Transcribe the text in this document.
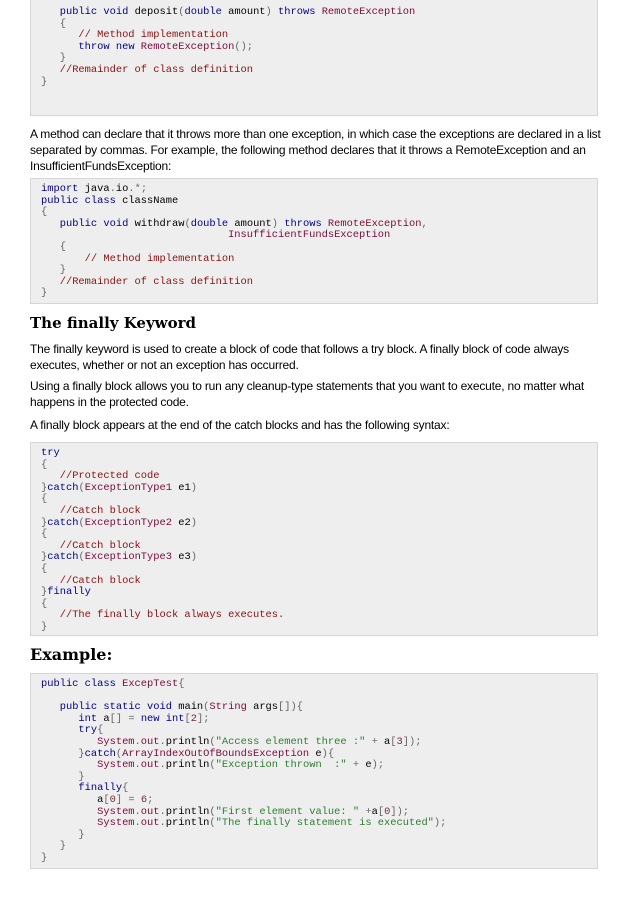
public void deposit(double amount) throws RemoteException
{
// Method implementation
throw new RemoteException();
}
//Remainder of class definition
}
A method can declare that it throws more than one exception, in which case the exceptions are declared in a list separated by commas. For example, the following method declares that it throws a RemoteException and an InsufficientFundsException:
import java.io.*;
public class className
{
public void withdraw(double amount) throws RemoteException,
InsufficientFundsException
{
// Method implementation
}
//Remainder of class definition
}
The finally Keyword
The finally keyword is used to create a block of code that follows a try block. A finally block of code always executes, whether or not an exception has occurred.
Using a finally block allows you to run any cleanup-type statements that you want to execute, no matter what happens in the protected code.
A finally block appears at the end of the catch blocks and has the following syntax:
try
{
//Protected code
}catch(ExceptionType1 e1)
{
//Catch block
}catch(ExceptionType2 e2)
{
//Catch block
}catch(ExceptionType3 e3)
{
//Catch block
}finally
{
//The finally block always executes.
}
Example:
public class ExcepTest{
public static void main(String args[]){
int a[] = new int[2];
try{
System.out.println("Access element three :" + a[3]);
}catch(ArrayIndexOutOfBoundsException e){
System.out.println("Exception thrown  :" + e);
}
finally{
a[0] = 6;
System.out.println("First element value: " +a[0]);
System.out.println("The finally statement is executed");
}
}
}
